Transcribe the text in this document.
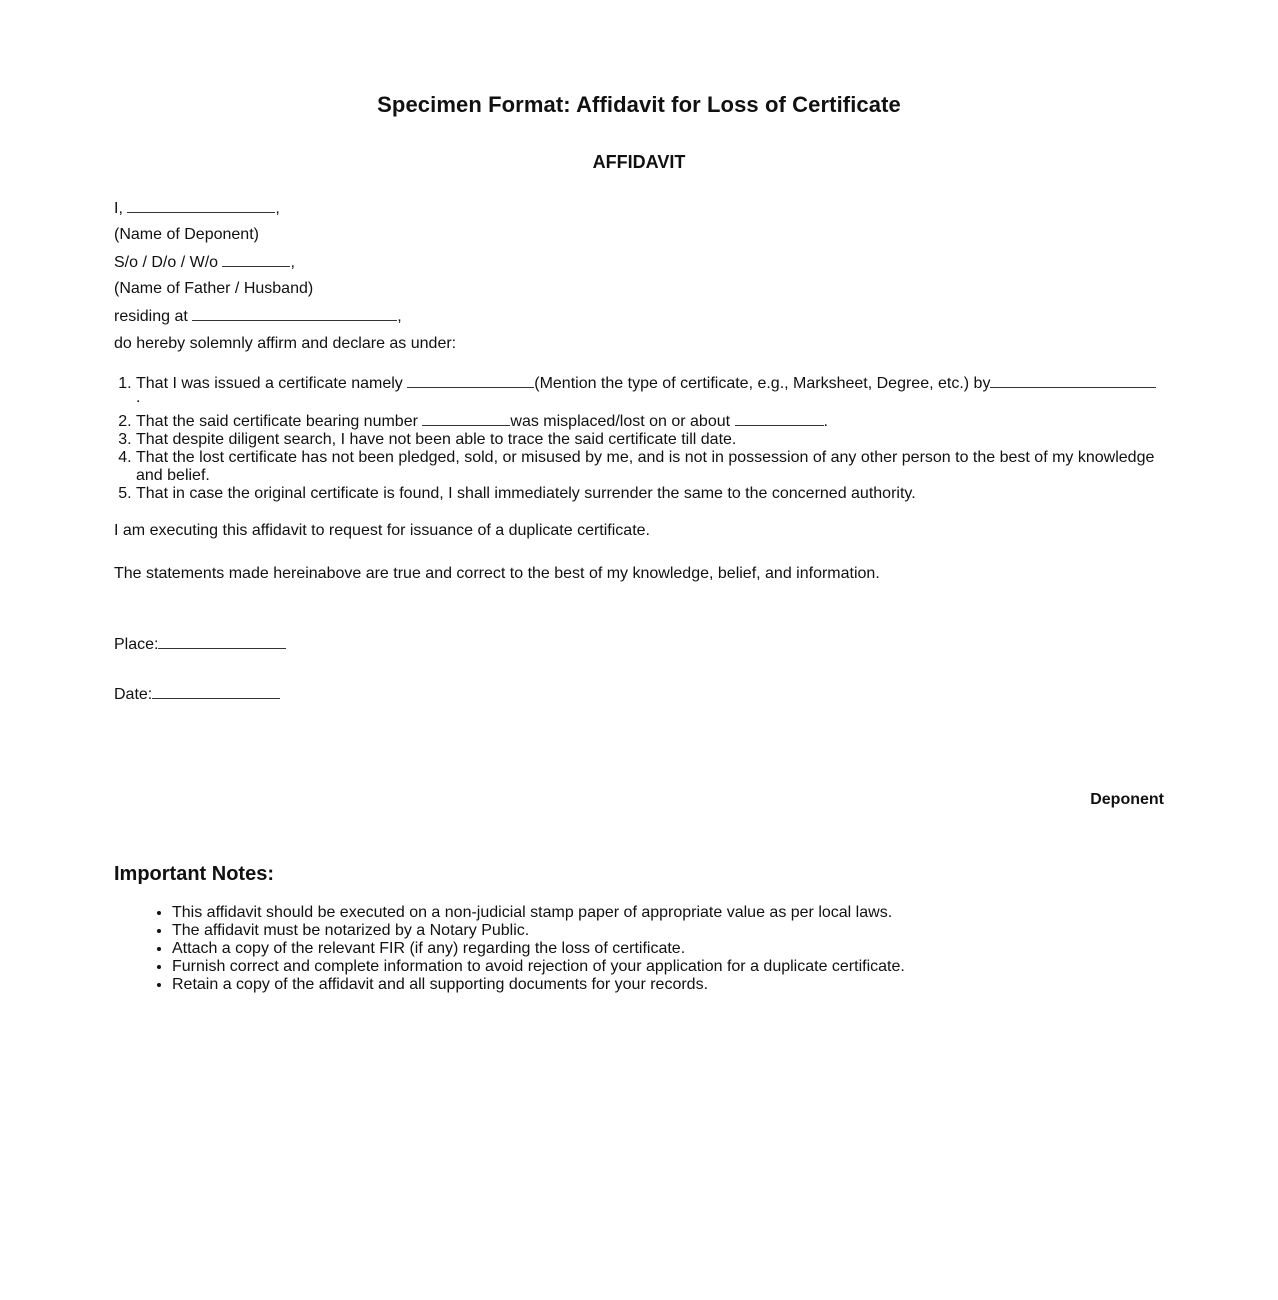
Specimen Format: Affidavit for Loss of Certificate
AFFIDAVIT
I,	,
(Name of Deponent)
S/o / D/o / W/o	,
(Name of Father / Husband)
residing at	,
do hereby solemnly affirm and declare as under:
1. That I was issued a certificate namely	(Mention the type of certificate, e.g., Marksheet, Degree, etc.) by
.
2. That the said certificate bearing number	was misplaced/lost on or about	.
3. That despite diligent search, I have not been able to trace the said certificate till date.
4. That the lost certificate has not been pledged, sold, or misused by me, and is not in possession of any other person to the best of my knowledge and belief.
5. That in case the original certificate is found, I shall immediately surrender the same to the concerned authority.

I am executing this affidavit to request for issuance of a duplicate certificate.

The statements made hereinabove are true and correct to the best of my knowledge, belief, and information.

Place:
Date:
Deponent
Important Notes:
• This affidavit should be executed on a non-judicial stamp paper of appropriate value as per local laws.
• The affidavit must be notarized by a Notary Public.
• Attach a copy of the relevant FIR (if any) regarding the loss of certificate.
• Furnish correct and complete information to avoid rejection of your application for a duplicate certificate.
• Retain a copy of the affidavit and all supporting documents for your records.
